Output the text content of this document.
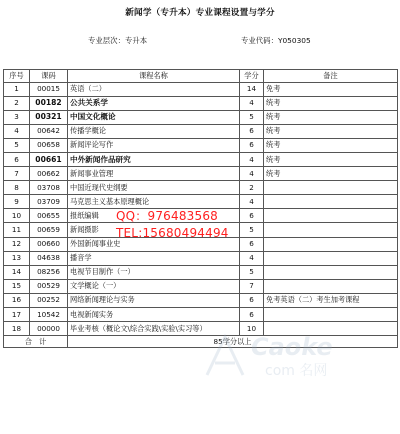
新闻学（专升本）专业课程设置与学分
专业层次：专升本	专业代码：Y050305
序号	课码	课程名称	学分	备注
1	00015	英语（二）	14	免考
2	00182	公共关系学	4	统考
3	00321	中国文化概论	5	统考
4	00642	传播学概论	6	统考
5	00658	新闻评论写作	6	统考
6	00661	中外新闻作品研究	4	统考
7	00662	新闻事业管理	4	统考
8	03708	中国近现代史纲要	2	
9	03709	马克思主义基本原理概论	4	
10	00655	报纸编辑	6	
11	00659	新闻摄影	5	
12	00660	外国新闻事业史	6	
13	04638	播音学	4	
14	08256	电视节目制作（一）	5	
15	00529	文学概论（一）	7	
16	00252	网络新闻理论与实务	6	免考英语（二）考生加考课程
17	10542	电视新闻实务	6	
18	00000	毕业考核（概论文\综合实践\实验\实习等）	10	
合　计		85学分以上		
QQ：976483568
TEL:15680494494
Caoke
com 名网
